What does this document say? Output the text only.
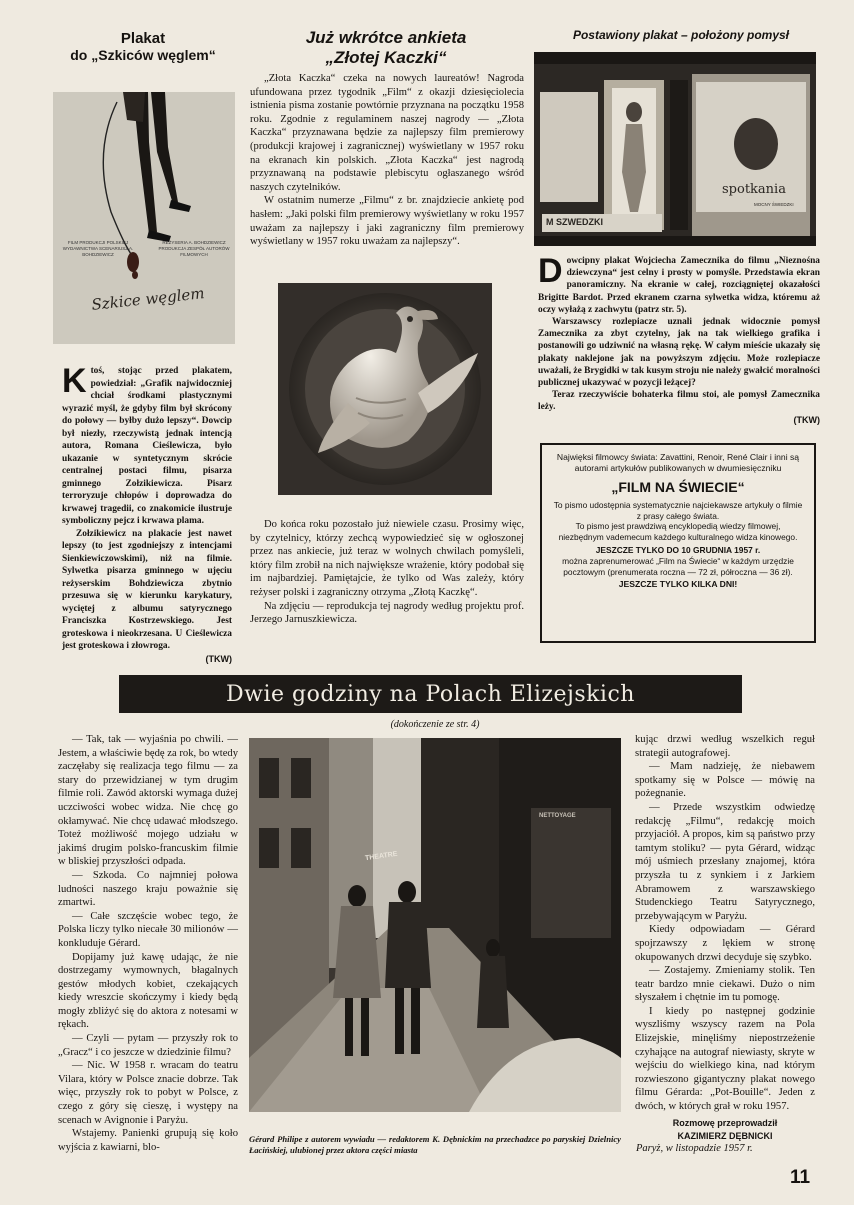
Plakat

do „Szkiców węglem“

FILM PRODUKCJI POLSKIEJ WYDAWNICTWA SCENARIUSZ A. BOHDZIEWICZ
REŻYSERIA A. BOHDZIEWICZ PRODUKCJA ZESPÓŁ AUTORÓW FILMOWYCH
Szkice węglem
K toś, stojąc przed plakatem, powiedział: „Grafik najwidoczniej chciał środkami plastycznymi wyrazić myśl, że gdyby film był skrócony do połowy — byłby dużo lepszy“. Dowcip był niezły, rzeczywistą jednak intencją autora, Romana Cieślewicza, było ukazanie w syntetycznym skrócie centralnej postaci filmu, pisarza gminnego Zołzikiewicza. Pisarz terroryzuje chłopów i doprowadza do krwawej tragedii, co znakomicie ilustruje symboliczny pejcz i krwawa plama.

Zołzikiewicz na plakacie jest nawet lepszy (to jest zgodniejszy z intencjami Sienkiewiczowskimi), niż na filmie. Sylwetka pisarza gminnego w ujęciu reżyserskim Bohdziewicza zbytnio przesuwa się w kierunku karykatury, wyciętej z albumu satyrycznego Franciszka Kostrzewskiego. Jest groteskowa i nieokrzesana. U Cieślewicza jest groteskowa i złowroga.

(TKW)

Już wkrótce ankieta

„Złotej Kaczki“

„Złota Kaczka“ czeka na nowych laureatów! Nagroda ufundowana przez tygodnik „Film“ z okazji dziesięciolecia istnienia pisma zostanie powtórnie przyznana na początku 1958 roku. Zgodnie z regulaminem naszej nagrody — „Złota Kaczka“ przyznawana będzie za najlepszy film premierowy (produkcji krajowej i zagranicznej) wyświetlany w 1957 roku na ekranach kin polskich. „Złota Kaczka“ jest nagrodą przyznawaną na podstawie plebiscytu ogłaszanego wśród naszych czytelników.

W ostatnim numerze „Filmu“ z br. znajdziecie ankietę pod hasłem: „Jaki polski film premierowy wyświetlany w roku 1957 uważam za najlepszy i jaki zagraniczny film premierowy wyświetlany w 1957 roku uważam za najlepszy“.

Do końca roku pozostało już niewiele czasu. Prosimy więc, by czytelnicy, którzy zechcą wypowiedzieć się w ogłoszonej przez nas ankiecie, już teraz w wolnych chwilach pomyśleli, który film zrobił na nich największe wrażenie, który podobał się im najbardziej. Pamiętajcie, że tylko od Was zależy, który reżyser polski i zagraniczny otrzyma „Złotą Kaczkę“.

Na zdjęciu — reprodukcja tej nagrody według projektu prof. Jerzego Jarnuszkiewicza.

Postawiony plakat – położony pomysł

spotkania
M SZWEDZKI
MOCNY ŚWIEDZKI
D owcipny plakat Wojciecha Zamecznika do filmu „Nieznośna dziewczyna“ jest celny i prosty w pomyśle. Przedstawia ekran panoramiczny. Na ekranie w całej, rozciągniętej okazałości Brigitte Bardot. Przed ekranem czarna sylwetka widza, któremu aż oczy wyłażą z zachwytu (patrz str. 5).

Warszawscy rozlepiacze uznali jednak widocznie pomysł Zamecznika za zbyt czytelny, jak na tak wielkiego grafika i postanowili go udziwnić na własną rękę. W całym mieście ukazały się plakaty naklejone jak na powyższym zdjęciu. Może rozlepiacze uważali, że Brygidki w tak kusym stroju nie należy gwałcić moralności publicznej ukazywać w pozycji leżącej?

Teraz rzeczywiście bohaterka filmu stoi, ale pomysł Zamecznika leży.

(TKW)

Najwięksi filmowcy świata: Zavattini, Renoir, René Clair i inni są autorami artykułów publikowanych w dwumiesięczniku

„FILM NA ŚWIECIE“

To pismo udostępnia systematycznie najciekawsze artykuły o filmie z prasy całego świata.

To pismo jest prawdziwą encyklopedią wiedzy filmowej, niezbędnym vademecum każdego kulturalnego widza kinowego.

JESZCZE TYLKO DO 10 GRUDNIA 1957 r.

można zaprenumerować „Film na Świecie“ w każdym urzędzie pocztowym (prenumerata roczna — 72 zł, półroczna — 36 zł).

JESZCZE TYLKO KILKA DNI!

Dwie godziny na Polach Elizejskich
(dokończenie ze str. 4)

— Tak, tak — wyjaśnia po chwili. — Jestem, a właściwie będę za rok, bo wtedy zaczęłaby się realizacja tego filmu — za stary do przewidzianej w tym drugim filmie roli. Zawód aktorski wymaga dużej uczciwości wobec widza. Nie chcę go okłamywać. Nie chcę udawać młodszego. Toteż możliwość mojego udziału w jakimś drugim polsko-francuskim filmie w bliskiej przyszłości odpada.

— Szkoda. Co najmniej połowa ludności naszego kraju poważnie się zmartwi.

— Całe szczęście wobec tego, że Polska liczy tylko niecałe 30 milionów — konkluduje Gérard.

Dopijamy już kawę udając, że nie dostrzegamy wymownych, błagalnych gestów młodych kobiet, czekających kiedy wreszcie skończymy i kiedy będą mogły zbliżyć się do aktora z notesami w rękach.

— Czyli — pytam — przyszły rok to „Gracz“ i co jeszcze w dziedzinie filmu?

— Nic. W 1958 r. wracam do teatru Vilara, który w Polsce znacie dobrze. Tak więc, przyszły rok to pobyt w Polsce, z czego z góry się cieszę, i występy na scenach w Avignonie i Paryżu.

Wstajemy. Panienki grupują się koło wyjścia z kawiarni, blo-

THEATRE
NETTOYAGE
Gérard Philipe z autorem wywiadu — redaktorem K. Dębnickim na przechadzce po paryskiej Dzielnicy Łacińskiej, ulubionej przez aktora części miasta

kując drzwi według wszelkich reguł strategii autografowej.

— Mam nadzieję, że niebawem spotkamy się w Polsce — mówię na pożegnanie.

— Przede wszystkim odwiedzę redakcję „Filmu“, redakcję moich przyjaciół. A propos, kim są państwo przy tamtym stoliku? — pyta Gérard, widząc mój uśmiech przesłany znajomej, która przyszła tu z synkiem i z Jarkiem Abramowem z warszawskiego Studenckiego Teatru Satyrycznego, przebywającym w Paryżu.

Kiedy odpowiadam — Gérard spojrzawszy z lękiem w stronę okupowanych drzwi decyduje się szybko.

— Zostajemy. Zmieniamy stolik. Ten teatr bardzo mnie ciekawi. Dużo o nim słyszałem i chętnie im tu pomogę.

I kiedy po następnej godzinie wyszliśmy wszyscy razem na Pola Elizejskie, minęliśmy niepostrzeżenie czyhające na autograf niewiasty, skryte w wejściu do wielkiego kina, nad którym rozwieszono gigantyczny plakat nowego filmu Gérarda: „Pot-Bouille“. Jeden z dwóch, w których grał w roku 1957.

Rozmowę przeprowadził

KAZIMIERZ DĘBNICKI

Paryż, w listopadzie 1957 r.
11
